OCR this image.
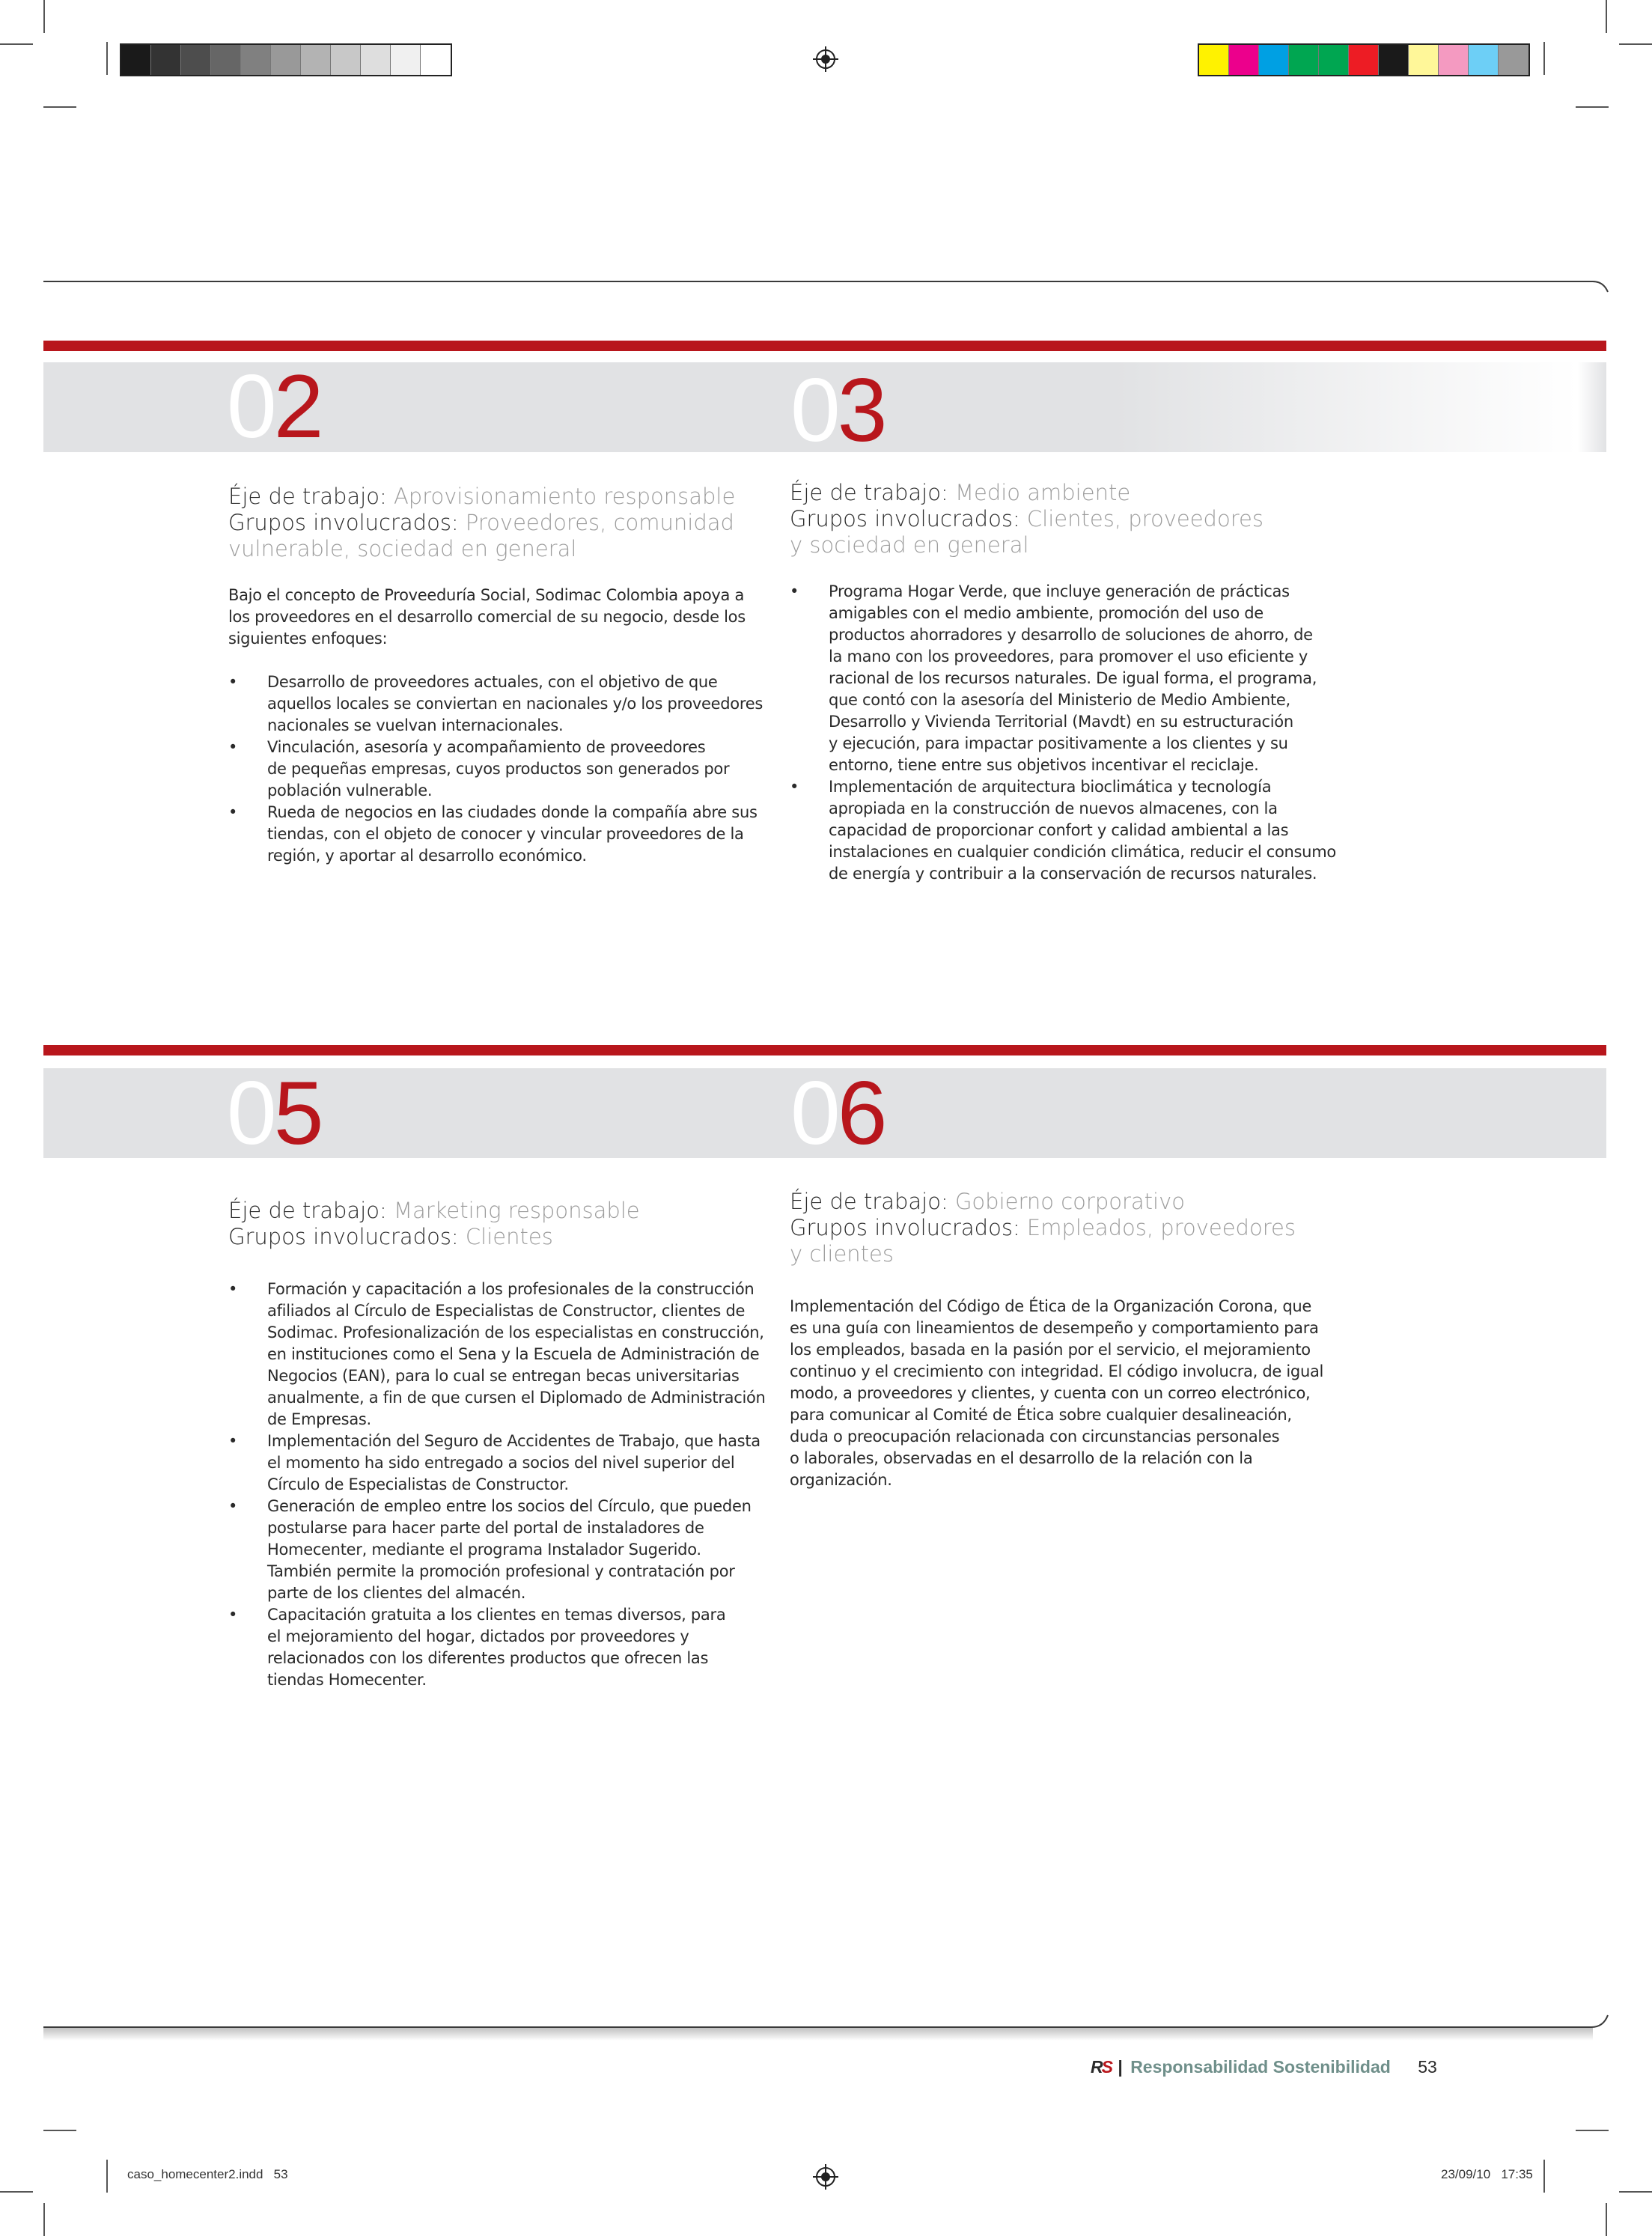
02	03
05	06
Éje de trabajo: Aprovisionamiento responsable
Grupos involucrados: Proveedores, comunidad
vulnerable, sociedad en general
Bajo el concepto de Proveeduría Social, Sodimac Colombia apoya a
los proveedores en el desarrollo comercial de su negocio, desde los
siguientes enfoques:
• Desarrollo de proveedores actuales, con el objetivo de que
aquellos locales se conviertan en nacionales y/o los proveedores
nacionales se vuelvan internacionales.
• Vinculación, asesoría y acompañamiento de proveedores
de pequeñas empresas, cuyos productos son generados por
población vulnerable.
• Rueda de negocios en las ciudades donde la compañía abre sus
tiendas, con el objeto de conocer y vincular proveedores de la
región, y aportar al desarrollo económico.
Éje de trabajo: Medio ambiente
Grupos involucrados: Clientes, proveedores
y sociedad en general
• Programa Hogar Verde, que incluye generación de prácticas
amigables con el medio ambiente, promoción del uso de
productos ahorradores y desarrollo de soluciones de ahorro, de
la mano con los proveedores, para promover el uso eficiente y
racional de los recursos naturales. De igual forma, el programa,
que contó con la asesoría del Ministerio de Medio Ambiente,
Desarrollo y Vivienda Territorial (Mavdt) en su estructuración
y ejecución, para impactar positivamente a los clientes y su
entorno, tiene entre sus objetivos incentivar el reciclaje.
• Implementación de arquitectura bioclimática y tecnología
apropiada en la construcción de nuevos almacenes, con la
capacidad de proporcionar confort y calidad ambiental a las
instalaciones en cualquier condición climática, reducir el consumo
de energía y contribuir a la conservación de recursos naturales.
Éje de trabajo: Marketing responsable
Grupos involucrados: Clientes
• Formación y capacitación a los profesionales de la construcción
afiliados al Círculo de Especialistas de Constructor, clientes de
Sodimac. Profesionalización de los especialistas en construcción,
en instituciones como el Sena y la Escuela de Administración de
Negocios (EAN), para lo cual se entregan becas universitarias
anualmente, a fin de que cursen el Diplomado de Administración
de Empresas.
• Implementación del Seguro de Accidentes de Trabajo, que hasta
el momento ha sido entregado a socios del nivel superior del
Círculo de Especialistas de Constructor.
• Generación de empleo entre los socios del Círculo, que pueden
postularse para hacer parte del portal de instaladores de
Homecenter, mediante el programa Instalador Sugerido.
También permite la promoción profesional y contratación por
parte de los clientes del almacén.
• Capacitación gratuita a los clientes en temas diversos, para
el mejoramiento del hogar, dictados por proveedores y
relacionados con los diferentes productos que ofrecen las
tiendas Homecenter.
Éje de trabajo: Gobierno corporativo
Grupos involucrados: Empleados, proveedores
y clientes
Implementación del Código de Ética de la Organización Corona, que
es una guía con lineamientos de desempeño y comportamiento para
los empleados, basada en la pasión por el servicio, el mejoramiento
continuo y el crecimiento con integridad. El código involucra, de igual
modo, a proveedores y clientes, y cuenta con un correo electrónico,
para comunicar al Comité de Ética sobre cualquier desalineación,
duda o preocupación relacionada con circunstancias personales
o laborales, observadas en el desarrollo de la relación con la
organización.
RS | Responsabilidad Sostenibilidad 53
caso_homecenter2.indd   53	23/09/10   17:35
